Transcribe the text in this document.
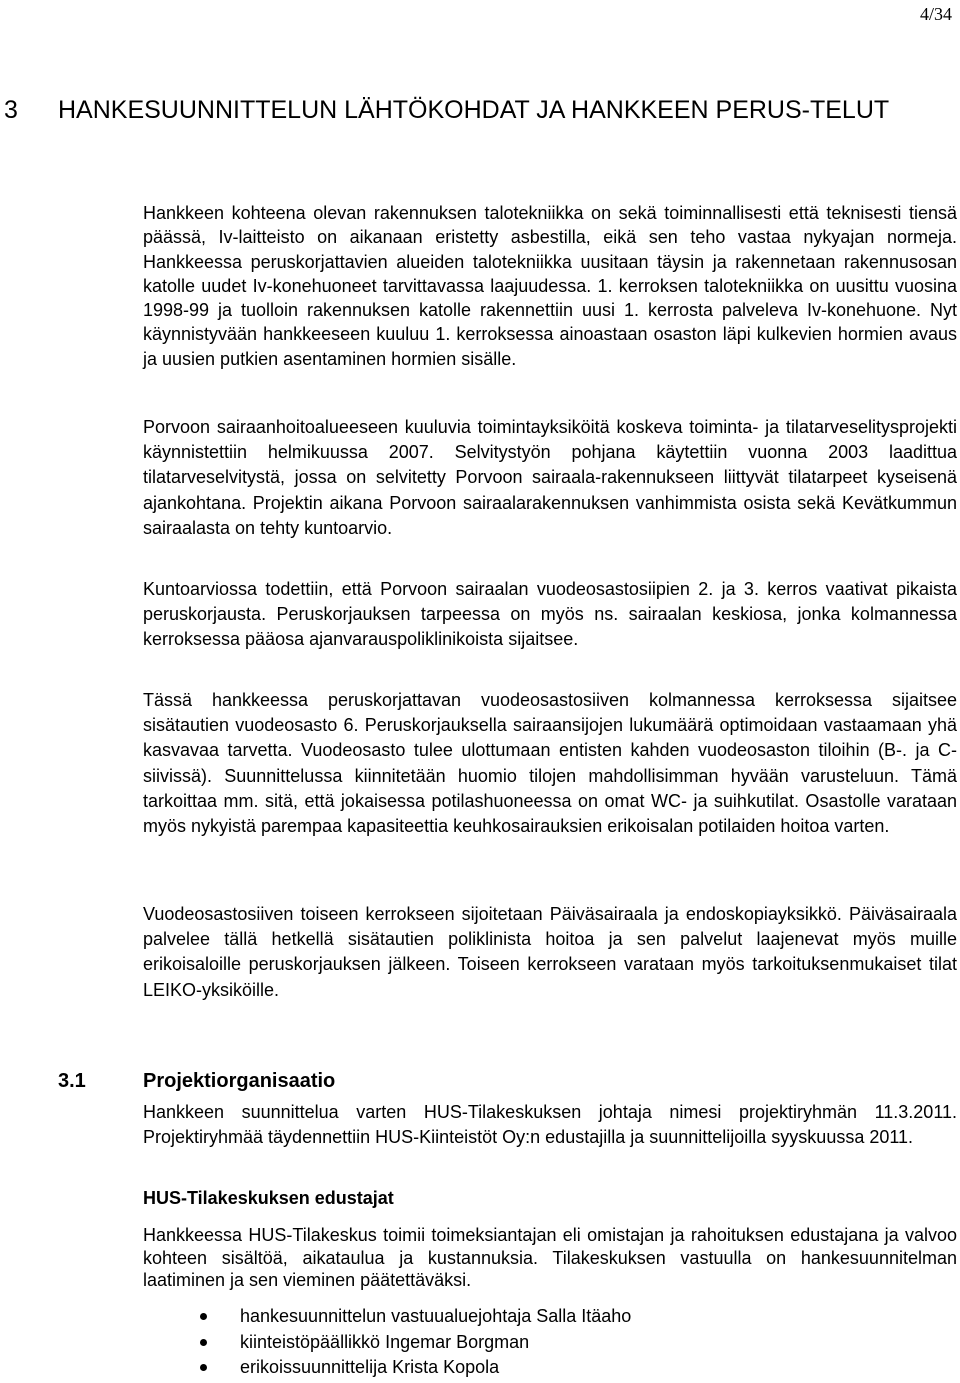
4/34
3	HANKESUUNNITTELUN LÄHTÖKOHDAT JA HANKKEEN PERUS-TELUT

Hankkeen kohteena olevan rakennuksen talotekniikka on sekä toiminnallisesti että teknisesti tiensä päässä, Iv-laitteisto on aikanaan eristetty asbestilla, eikä sen teho vastaa nykyajan normeja. Hankkeessa peruskorjattavien alueiden talotekniikka uusitaan täysin ja rakennetaan rakennusosan katolle uudet Iv-konehuoneet tarvittavassa laajuudessa. 1. kerroksen talotekniikka on uusittu vuosina 1998-99 ja tuolloin rakennuksen katolle rakennettiin uusi 1. kerrosta palveleva Iv-konehuone. Nyt käynnistyvään hankkeeseen kuuluu 1. kerroksessa ainoastaan osaston läpi kulkevien hormien avaus ja uusien putkien asentaminen hormien sisälle.

Porvoon sairaanhoitoalueeseen kuuluvia toimintayksiköitä koskeva toiminta- ja tilatarveselitysprojekti käynnistettiin helmikuussa 2007. Selvitystyön pohjana käytettiin vuonna 2003 laadittua tilatarveselvitystä, jossa on selvitetty Porvoon sairaala-rakennukseen liittyvät tilatarpeet kyseisenä ajankohtana. Projektin aikana Porvoon sairaalarakennuksen vanhimmista osista sekä Kevätkummun sairaalasta on tehty kuntoarvio.

Kuntoarviossa todettiin, että Porvoon sairaalan vuodeosastosiipien 2. ja 3. kerros vaativat pikaista peruskorjausta. Peruskorjauksen tarpeessa on myös ns. sairaalan keskiosa, jonka kolmannessa kerroksessa pääosa ajanvarauspoliklinikoista sijaitsee.

Tässä hankkeessa peruskorjattavan vuodeosastosiiven kolmannessa kerroksessa sijaitsee sisätautien vuodeosasto 6. Peruskorjauksella sairaansijojen lukumäärä optimoidaan vastaamaan yhä kasvavaa tarvetta. Vuodeosasto tulee ulottumaan entisten kahden vuodeosaston tiloihin (B-. ja C-siivissä). Suunnittelussa kiinnitetään huomio tilojen mahdollisimman hyvään varusteluun. Tämä tarkoittaa mm. sitä, että jokaisessa potilashuoneessa on omat WC- ja suihkutilat. Osastolle varataan myös nykyistä parempaa kapasiteettia keuhkosairauksien erikoisalan potilaiden hoitoa varten.

Vuodeosastosiiven toiseen kerrokseen sijoitetaan Päiväsairaala ja endoskopiayksikkö. Päiväsairaala palvelee tällä hetkellä sisätautien poliklinista hoitoa ja sen palvelut laajenevat myös muille erikoisaloille peruskorjauksen jälkeen. Toiseen kerrokseen varataan myös tarkoituksenmukaiset tilat LEIKO-yksiköille.

3.1	Projektiorganisaatio

Hankkeen suunnittelua varten HUS-Tilakeskuksen johtaja nimesi projektiryhmän 11.3.2011. Projektiryhmää täydennettiin HUS-Kiinteistöt Oy:n edustajilla ja suunnittelijoilla syyskuussa 2011.

HUS-Tilakeskuksen edustajat

Hankkeessa HUS-Tilakeskus toimii toimeksiantajan eli omistajan ja rahoituksen edustajana ja valvoo kohteen sisältöä, aikataulua ja kustannuksia. Tilakeskuksen vastuulla on hankesuunnitelman laatiminen ja sen vieminen päätettäväksi.

hankesuunnittelun vastuualuejohtaja Salla Itäaho
kiinteistöpäällikkö Ingemar Borgman
erikoissuunnittelija Krista Kopola
